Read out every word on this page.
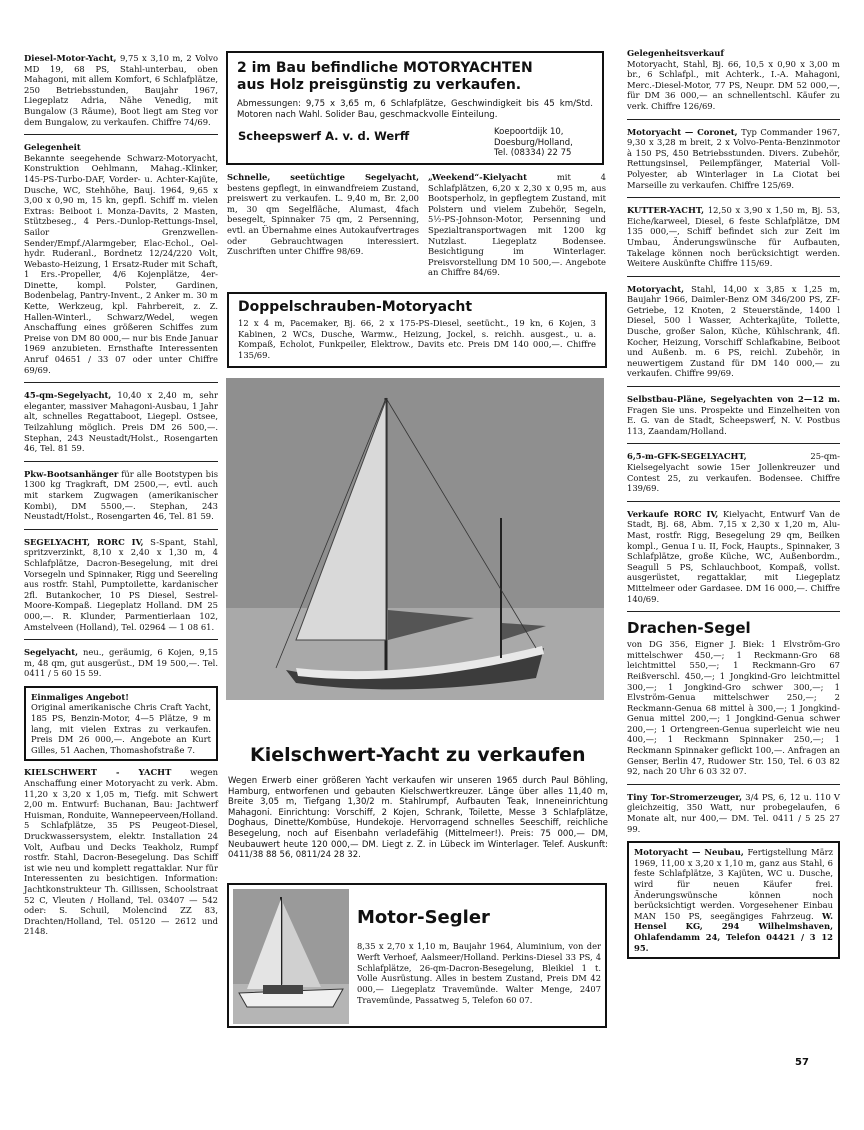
Diesel-Motor-Yacht, 9,75 x 3,10 m, 2 Volvo MD 19, 68 PS, Stahl-unterbau, oben Mahagoni, mit allem Komfort, 6 Schlafplätze, 250 Betriebsstunden, Baujahr 1967, Liegeplatz Adria, Nähe Venedig, mit Bungalow (3 Räume), Boot liegt am Steg vor dem Bungalow, zu verkaufen. Chiffre 74/69.
Gelegenheit
Bekannte seegehende Schwarz-Motoryacht, Konstruktion Oehlmann, Mahag.-Klinker, 145-PS-Turbo-DAF, Vorder- u. Achter-Kajüte, Dusche, WC, Stehhöhe, Bauj. 1964, 9,65 x 3,00 x 0,90 m, 15 kn, gepfl. Schiff m. vielen Extras: Beiboot i. Monza-Davits, 2 Masten, Stützbeseg., 4 Pers.-Dunlop-Rettungs-Insel, Sailor Grenzwellen-Sender/Empf./Alarmgeber, Elac-Echol., Oel-hydr. Ruderanl., Bordnetz 12/24/220 Volt, Webasto-Heizung, 1 Ersatz-Ruder mit Schaft, 1 Ers.-Propeller, 4/6 Kojenplätze, 4er-Dinette, kompl. Polster, Gardinen, Bodenbelag, Pantry-Invent., 2 Anker m. 30 m Kette, Werkzeug, kpl. Fahrbereit, z. Z. Hallen-Winterl., Schwarz/Wedel, wegen Anschaffung eines größeren Schiffes zum Preise von DM 80 000,— nur bis Ende Januar 1969 anzubieten. Ernsthafte Interessenten Anruf 04651 / 33 07 oder unter Chiffre 69/69.
45-qm-Segelyacht, 10,40 x 2,40 m, sehr eleganter, massiver Mahagoni-Ausbau, 1 Jahr alt, schnelles Regattaboot, Liegepl. Ostsee, Teilzahlung möglich. Preis DM 26 500,—. Stephan, 243 Neustadt/Holst., Rosengarten 46, Tel. 81 59.
Pkw-Bootsanhänger für alle Bootstypen bis 1300 kg Tragkraft, DM 2500,—, evtl. auch mit starkem Zugwagen (amerikanischer Kombi), DM 5500,—. Stephan, 243 Neustadt/Holst., Rosengarten 46, Tel. 81 59.
SEGELYACHT, RORC IV, S-Spant, Stahl, spritzverzinkt, 8,10 x 2,40 x 1,30 m, 4 Schlafplätze, Dacron-Besegelung, mit drei Vorsegeln und Spinnaker, Rigg und Seereling aus rostfr. Stahl, Pumptoilette, kardanischer 2fl. Butankocher, 10 PS Diesel, Sestrel-Moore-Kompaß. Liegeplatz Holland. DM 25 000,—. R. Klunder, Parmentierlaan 102, Amstelveen (Holland), Tel. 02964 — 1 08 61.
Segelyacht, neu., geräumig, 6 Kojen, 9,15 m, 48 qm, gut ausgerüst., DM 19 500,—. Tel. 0411 / 5 60 15 59.
Einmaliges Angebot!
Original amerikanische Chris Craft Yacht, 185 PS, Benzin-Motor, 4—5 Plätze, 9 m lang, mit vielen Extras zu verkaufen. Preis DM 26 000,—. Angebote an Kurt Gilles, 51 Aachen, Thomashofstraße 7.
KIELSCHWERT - YACHT wegen Anschaffung einer Motoryacht zu verk. Abm. 11,20 x 3,20 x 1,05 m, Tiefg. mit Schwert 2,00 m. Entwurf: Buchanan, Bau: Jachtwerf Huisman, Ronduite, Wannepeerveen/Holland. 5 Schlafplätze, 35 PS Peugeot-Diesel, Druckwassersystem, elektr. Installation 24 Volt, Aufbau und Decks Teakholz, Rumpf rostfr. Stahl, Dacron-Besegelung. Das Schiff ist wie neu und komplett regattaklar. Nur für Interessenten zu besichtigen. Information: Jachtkonstrukteur Th. Gillissen, Schoolstraat 52 C, Vleuten / Holland, Tel. 03407 — 542 oder: S. Schuil, Molencind ZZ 83, Drachten/Holland, Tel. 05120 — 2612 und 2148.
2 im Bau befindliche MOTORYACHTEN
aus Holz preisgünstig zu verkaufen.
Abmessungen: 9,75 x 3,65 m, 6 Schlafplätze, Geschwindigkeit bis 45 km/Std. Motoren nach Wahl. Solider Bau, geschmackvolle Einteilung.
Scheepswerf A. v. d. Werff	Koepoortdijk 10,
Doesburg/Holland,
Tel. (08334) 22 75
Schnelle, seetüchtige Segelyacht, bestens gepflegt, in einwandfreiem Zustand, preiswert zu verkaufen. L. 9,40 m, Br. 2,00 m, 30 qm Segelfläche, Alumast, 4fach besegelt, Spinnaker 75 qm, 2 Persenning, evtl. an Übernahme eines Autokaufvertrages oder Gebrauchtwagen interessiert. Zuschriften unter Chiffre 98/69.
„Weekend“-Kielyacht	mit 4 Schlafplätzen, 6,20 x 2,30 x 0,95 m, aus Bootsperholz, in gepflegtem Zustand, mit Polstern und vielem Zubehör, Segeln, 5½-PS-Johnson-Motor, Persenning und Spezialtransportwagen mit 1200 kg Nutzlast. Liegeplatz Bodensee. Besichtigung im Winterlager. Preisvorstellung DM 10 500,—. Angebote an Chiffre 84/69.
Doppelschrauben-Motoryacht
12 x 4 m, Pacemaker, Bj. 66, 2 x 175-PS-Diesel, seetücht., 19 kn, 6 Kojen, 3 Kabinen, 2 WCs, Dusche, Warmw., Heizung, Jockel, s. reichh. ausgest., u. a. Kompaß, Echolot, Funkpeiler, Elektrow., Davits etc. Preis DM 140 000,—. Chiffre 135/69.
Kielschwert-Yacht zu verkaufen
Wegen Erwerb einer größeren Yacht verkaufen wir unseren 1965 durch Paul Böhling, Hamburg, entworfenen und gebauten Kielschwertkreuzer. Länge über alles 11,40 m, Breite 3,05 m, Tiefgang 1,30/2 m. Stahlrumpf, Aufbauten Teak, Inneneinrichtung Mahagoni. Einrichtung: Vorschiff, 2 Kojen, Schrank, Toilette, Messe 3 Schlafplätze, Doghaus, Dinette/Kombüse, Hundekoje. Hervorragend schnelles Seeschiff, reichliche Besegelung, noch auf Eisenbahn verladefähig (Mittelmeer!). Preis: 75 000,— DM, Neubauwert heute 120 000,— DM. Liegt z. Z. in Lübeck im Winterlager. Telef. Auskunft: 0411/38 88 56, 0811/24 28 32.
Motor-Segler
8,35 x 2,70 x 1,10 m, Baujahr 1964, Aluminium, von der Werft Verhoef, Aalsmeer/Holland. Perkins-Diesel 33 PS, 4 Schlafplätze, 26-qm-Dacron-Besegelung, Bleikiel 1 t. Volle Ausrüstung. Alles in bestem Zustand, Preis DM 42 000,— Liegeplatz Travemünde. Walter Menge, 2407 Travemünde, Passatweg 5, Telefon 60 07.
Gelegenheitsverkauf
Motoryacht, Stahl, Bj. 66, 10,5 x 0,90 x 3,00 m br., 6 Schlafpl., mit Achterk., I.-A. Mahagoni, Merc.-Diesel-Motor, 77 PS, Neupr. DM 52 000,—, für DM 36 000,— an schnellentschl. Käufer zu verk. Chiffre 126/69.
Motoryacht — Coronet, Typ Commander 1967, 9,30 x 3,28 m breit, 2 x Volvo-Penta-Benzinmotor à 150 PS, 450 Betriebsstunden. Divers. Zubehör, Rettungsinsel, Peilempfänger, Material Voll-Polyester, ab Winterlager in La Ciotat bei Marseille zu verkaufen. Chiffre 125/69.
KUTTER-YACHT, 12,50 x 3,90 x 1,50 m, Bj. 53, Eiche/karweel, Diesel, 6 feste Schlafplätze, DM 135 000,—, Schiff befindet sich zur Zeit im Umbau, Änderungswünsche für Aufbauten, Takelage können noch berücksichtigt werden. Weitere Auskünfte Chiffre 115/69.
Motoryacht, Stahl, 14,00 x 3,85 x 1,25 m, Baujahr 1966, Daimler-Benz OM 346/200 PS, ZF-Getriebe, 12 Knoten, 2 Steuerstände, 1400 l Diesel, 500 l Wasser, Achterkajüte, Toilette, Dusche, großer Salon, Küche, Kühlschrank, 4fl. Kocher, Heizung, Vorschiff Schlafkabine, Beiboot und Außenb. m. 6 PS, reichl. Zubehör, in neuwertigem Zustand für DM 140 000,— zu verkaufen. Chiffre 99/69.
Selbstbau-Pläne, Segelyachten von 2—12 m. Fragen Sie uns. Prospekte und Einzelheiten von E. G. van de Stadt, Scheepswerf, N. V. Postbus 113, Zaandam/Holland.
6,5-m-GFK-SEGELYACHT,	25-qm-Kielsegelyacht sowie 15er Jollenkreuzer und Contest 25, zu verkaufen. Bodensee. Chiffre 139/69.
Verkaufe RORC IV, Kielyacht, Entwurf Van de Stadt, Bj. 68, Abm. 7,15 x 2,30 x 1,20 m, Alu-Mast, rostfr. Rigg, Besegelung 29 qm, Beilken kompl., Genua I u. II, Fock, Haupts., Spinnaker, 3 Schlafplätze, große Küche, WC, Außenbordm., Seagull 5 PS, Schlauchboot, Kompaß, vollst. ausgerüstet, regattaklar, mit Liegeplatz Mittelmeer oder Gardasee. DM 16 000,—. Chiffre 140/69.
Drachen-Segel
von DG 356, Eigner J. Biek: 1 Elvström-Gro mittelschwer 450,—; 1 Reckmann-Gro 68 leichtmittel 550,—; 1 Reckmann-Gro 67 Reißverschl. 450,—; 1 Jongkind-Gro leichtmittel 300,—; 1 Jongkind-Gro schwer 300,—; 1 Elvström-Genua mittelschwer 250,—; 2 Reckmann-Genua 68 mittel à 300,—; 1 Jongkind-Genua mittel 200,—; 1 Jongkind-Genua schwer 200,—; 1 Ortengreen-Genua superleicht wie neu 400,—; 1 Reckmann Spinnaker 250,—; 1 Reckmann Spinnaker geflickt 100,—. Anfragen an Genser, Berlin 47, Rudower Str. 150, Tel. 6 03 82 92, nach 20 Uhr 6 03 32 07.
Tiny Tor-Stromerzeuger, 3/4 PS, 6, 12 u. 110 V gleichzeitig, 350 Watt, nur probegelaufen, 6 Monate alt, nur 400,— DM. Tel. 0411 / 5 25 27 99.
Motoryacht — Neubau, Fertigstellung März 1969, 11,00 x 3,20 x 1,10 m, ganz aus Stahl, 6 feste Schlafplätze, 3 Kajüten, WC u. Dusche, wird für neuen Käufer frei. Änderungswünsche können noch berücksichtigt werden. Vorgesehener Einbau MAN 150 PS, seegängiges Fahrzeug. W. Hensel KG, 294 Wilhelmshaven, Ohlafendamm 24, Telefon 04421 / 3 12 95.
57
